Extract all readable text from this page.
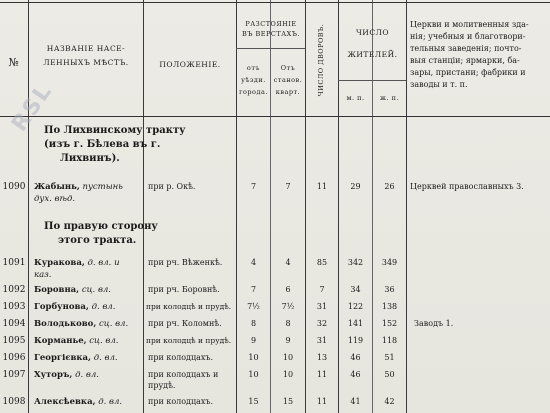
№
НАЗВАНІЕ НАСЕ-
ЛЕННЫХЪ МѢСТЪ.	ПОЛОЖЕНІЕ.
РАЗСТОЯНІЕ
ВЪ ВЕРСТАХЪ.
отъ
уѣзди.
города.
Отъ
станов.
кварт.	ЧИСЛО ДВОРОВЪ.	ЧИСЛО
ЖИТЕЛЕЙ.
м. п.	ж. п.
Церкви и молитвенныя зда-
нія; учебныя и благотвори-
тельныя заведенія; почто-
выя станціи; ярмарки, ба-
зары, пристани; фабрики и
заводы и т. п.
RSL
По Лихвинскому тракту
(изъ г. Бѣлева въ г.
Лихвинъ).
1090 Жабынь, пустынь
дух. вѣд.
при р. Окѣ.	7	7	11	29	26	Церквей православныхъ 3.
По правую сторону
этого тракта.
1091 Куракова, д. вл. и
каз.
при рч. Вѣженкѣ.	4	4	85	342	349
1092 Боровна, сц. вл.	при рч. Боровнѣ.	7	6	7	34	36
1093 Горбунова, д. вл.	при колодцѣ и прудѣ.	7½	7½	31	122	138
1094 Володьково, сц. вл. при рч. Коломнѣ.	8	8	32	141	152	Заводъ 1.
1095 Корманье, сц. вл.	при колодцѣ и прудѣ.	9	9	31	119	118
1096 Георгієвка, д. вл.	при колодцахъ.	10	10	13	46	51
1097 Хуторъ, д. вл.	при колодцахъ и
прудѣ.
10	10	11	46	50
1098 Алексѣевка, д. вл.	при колодцахъ.	15	15	11	41	42
